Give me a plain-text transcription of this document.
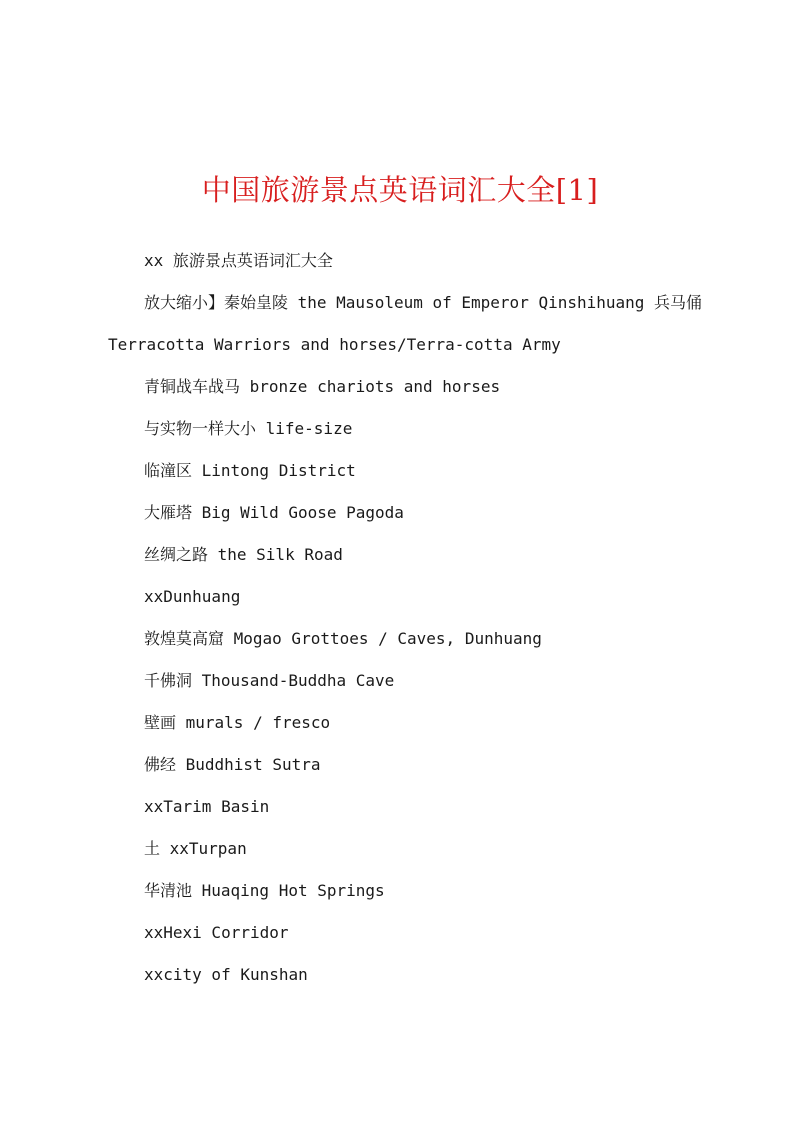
中国旅游景点英语词汇大全[1]

xx 旅游景点英语词汇大全

放大缩小】秦始皇陵 the Mausoleum of Emperor Qinshihuang 兵马俑 Terracotta Warriors and horses/Terra-cotta Army

青铜战车战马 bronze chariots and horses

与实物一样大小 life-size

临潼区 Lintong District

大雁塔 Big Wild Goose Pagoda

丝绸之路 the Silk Road

xxDunhuang

敦煌莫高窟 Mogao Grottoes / Caves, Dunhuang

千佛洞 Thousand-Buddha Cave

壁画 murals / fresco

佛经 Buddhist Sutra

xxTarim Basin

土 xxTurpan

华清池 Huaqing Hot Springs

xxHexi Corridor

xxcity of Kunshan
